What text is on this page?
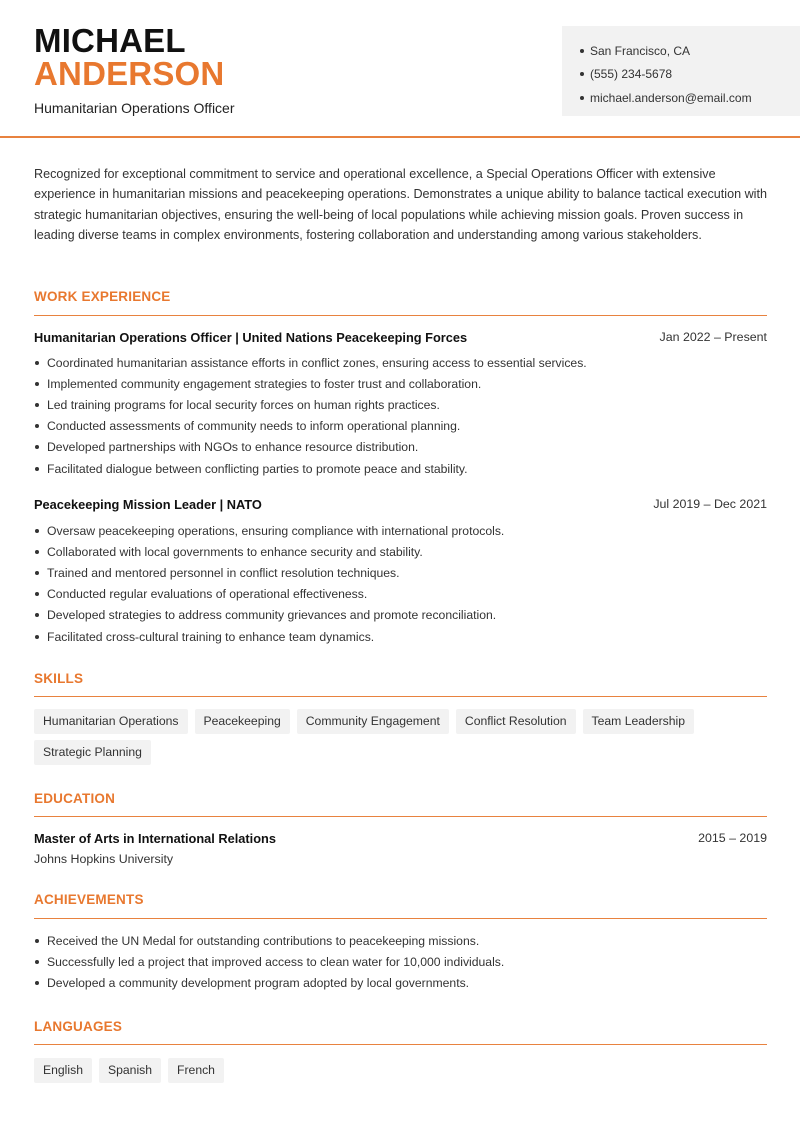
MICHAEL
ANDERSON
Humanitarian Operations Officer
San Francisco, CA
(555) 234-5678
michael.anderson@email.com

Recognized for exceptional commitment to service and operational excellence, a Special Operations Officer with extensive experience in humanitarian missions and peacekeeping operations. Demonstrates a unique ability to balance tactical execution with strategic humanitarian objectives, ensuring the well-being of local populations while achieving mission goals. Proven success in leading diverse teams in complex environments, fostering collaboration and understanding among various stakeholders.

WORK EXPERIENCE
Humanitarian Operations Officer | United Nations Peacekeeping Forces	Jan 2022 – Present
Coordinated humanitarian assistance efforts in conflict zones, ensuring access to essential services.
Implemented community engagement strategies to foster trust and collaboration.
Led training programs for local security forces on human rights practices.
Conducted assessments of community needs to inform operational planning.
Developed partnerships with NGOs to enhance resource distribution.
Facilitated dialogue between conflicting parties to promote peace and stability.
Peacekeeping Mission Leader | NATO	Jul 2019 – Dec 2021
Oversaw peacekeeping operations, ensuring compliance with international protocols.
Collaborated with local governments to enhance security and stability.
Trained and mentored personnel in conflict resolution techniques.
Conducted regular evaluations of operational effectiveness.
Developed strategies to address community grievances and promote reconciliation.
Facilitated cross-cultural training to enhance team dynamics.
SKILLS
Humanitarian Operations	Peacekeeping	Community Engagement	Conflict Resolution	Team Leadership
Strategic Planning
EDUCATION
Master of Arts in International Relations	2015 – 2019
Johns Hopkins University
ACHIEVEMENTS
Received the UN Medal for outstanding contributions to peacekeeping missions.
Successfully led a project that improved access to clean water for 10,000 individuals.
Developed a community development program adopted by local governments.
LANGUAGES
English	Spanish	French
